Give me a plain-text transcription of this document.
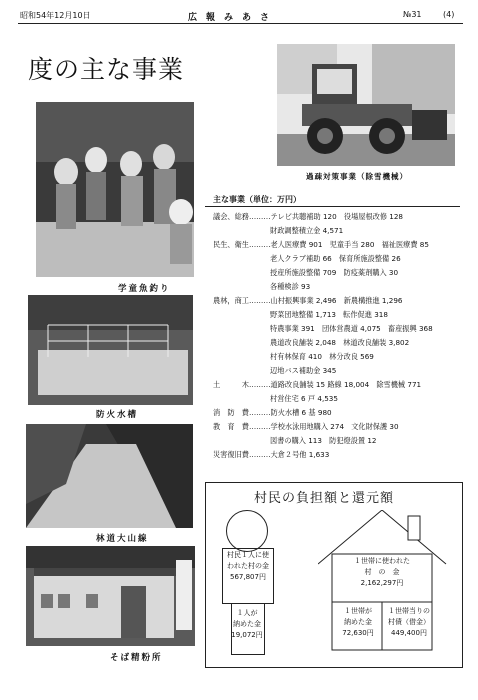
昭和54年12月10日	広　報　み　あ　さ	№31	(4)
度の主な事業
学童魚釣り
過疎対策事業（除雪機械）
防火水槽
林道大山線
そば精粉所
主な事業（単位：万円）
議会、総務………テレビ共聴補助 120　役場屋根改修 128
財政調整積立金 4,571
民生、衛生………老人医療費 901　児童手当 280　福祉医療費 85
老人クラブ補助 66　保育所施設整備 26
授産所施設整備 709　防疫薬剤購入 30
各種検診 93
農林，商工………山村振興事業 2,496　新農構推進 1,296
野菜団地整備 1,713　転作促進 318
特農事業 391　団体営農道 4,075　畜産振興 368
農道改良舗装 2,048　林道改良舗装 3,802
村有林保育 410　林分改良 569
辺地バス補助金 345
土　　　木………道路改良舗装 15 路線 18,004　除雪機械 771
村営住宅 6 戸 4,535
消　防　費………防火水槽 6 基 980
教　育　費………学校水泳用地購入 274　文化財保護 30
図書の購入 113　防犯燈設置 12
災害復旧費………大倉２号他 1,633
村民の負担額と還元額
村民１人に使
われた村の金
567,807円
１人が
納めた金
19,072円
１世帯に使われた
村　の　金
2,162,297円
１世帯が
納めた金
72,630円
１世帯当りの
村債（借金）
449,400円
